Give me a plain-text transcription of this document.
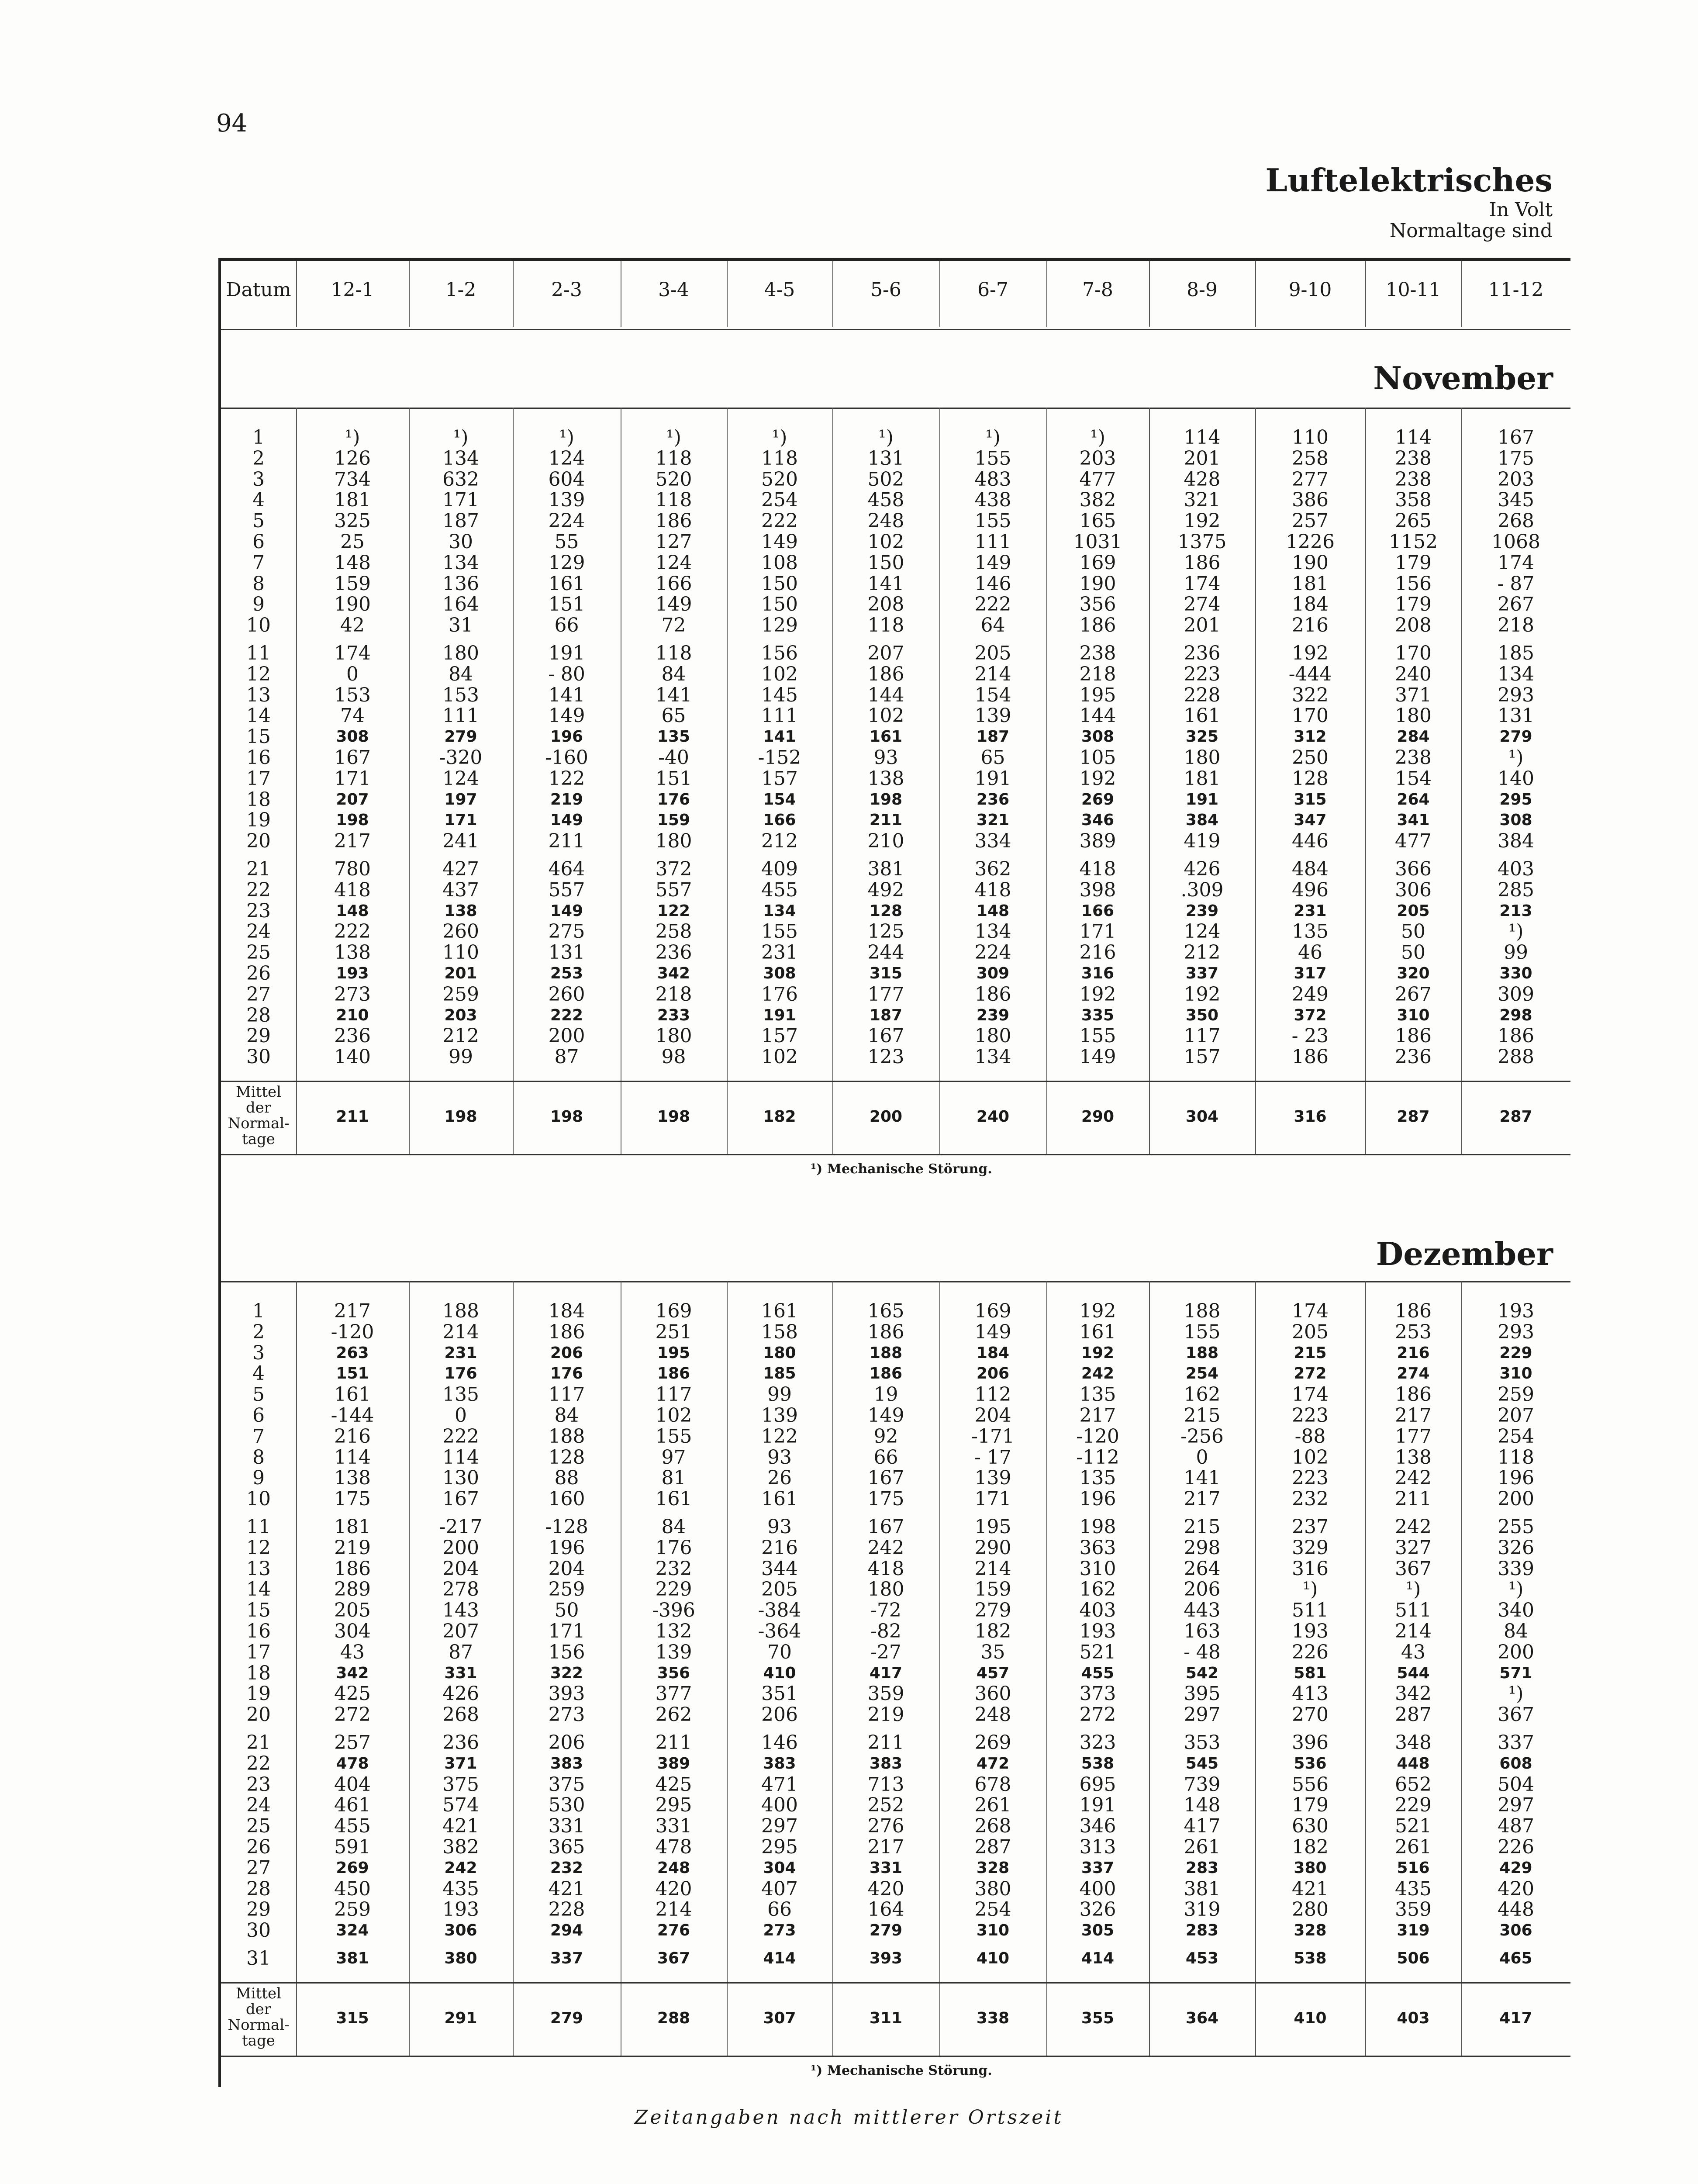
94
Luftelektrisches
In Volt
Normaltage sind
Datum	12-1	1-2	2-3	3-4	4-5	5-6	6-7	7-8	8-9	9-10	10-11	11-12
November
1	¹)	¹)	¹)	¹)	¹)	¹)	¹)	¹)	114	110	114	167
2	126	134	124	118	118	131	155	203	201	258	238	175
3	734	632	604	520	520	502	483	477	428	277	238	203
4	181	171	139	118	254	458	438	382	321	386	358	345
5	325	187	224	186	222	248	155	165	192	257	265	268
6	25	30	55	127	149	102	111	1031	1375	1226	1152	1068
7	148	134	129	124	108	150	149	169	186	190	179	174
8	159	136	161	166	150	141	146	190	174	181	156	- 87
9	190	164	151	149	150	208	222	356	274	184	179	267
10	42	31	66	72	129	118	64	186	201	216	208	218
11	174	180	191	118	156	207	205	238	236	192	170	185
12	0	84	- 80	84	102	186	214	218	223	-444	240	134
13	153	153	141	141	145	144	154	195	228	322	371	293
14	74	111	149	65	111	102	139	144	161	170	180	131
15	308	279	196	135	141	161	187	308	325	312	284	279
16	167	-320	-160	-40	-152	93	65	105	180	250	238	¹)
17	171	124	122	151	157	138	191	192	181	128	154	140
18	207	197	219	176	154	198	236	269	191	315	264	295
19	198	171	149	159	166	211	321	346	384	347	341	308
20	217	241	211	180	212	210	334	389	419	446	477	384
21	780	427	464	372	409	381	362	418	426	484	366	403
22	418	437	557	557	455	492	418	398	.309	496	306	285
23	148	138	149	122	134	128	148	166	239	231	205	213
24	222	260	275	258	155	125	134	171	124	135	50	¹)
25	138	110	131	236	231	244	224	216	212	46	50	99
26	193	201	253	342	308	315	309	316	337	317	320	330
27	273	259	260	218	176	177	186	192	192	249	267	309
28	210	203	222	233	191	187	239	335	350	372	310	298
29	236	212	200	180	157	167	180	155	117	- 23	186	186
30	140	99	87	98	102	123	134	149	157	186	236	288
Mittel
der
Normal-
tage
211	198	198	198	182	200	240	290	304	316	287	287
¹) Mechanische Störung.
Dezember
1	217	188	184	169	161	165	169	192	188	174	186	193
2	-120	214	186	251	158	186	149	161	155	205	253	293
3	263	231	206	195	180	188	184	192	188	215	216	229
4	151	176	176	186	185	186	206	242	254	272	274	310
5	161	135	117	117	99	19	112	135	162	174	186	259
6	-144	0	84	102	139	149	204	217	215	223	217	207
7	216	222	188	155	122	92	-171	-120	-256	-88	177	254
8	114	114	128	97	93	66	- 17	-112	0	102	138	118
9	138	130	88	81	26	167	139	135	141	223	242	196
10	175	167	160	161	161	175	171	196	217	232	211	200
11	181	-217	-128	84	93	167	195	198	215	237	242	255
12	219	200	196	176	216	242	290	363	298	329	327	326
13	186	204	204	232	344	418	214	310	264	316	367	339
14	289	278	259	229	205	180	159	162	206	¹)	¹)	¹)
15	205	143	50	-396	-384	-72	279	403	443	511	511	340
16	304	207	171	132	-364	-82	182	193	163	193	214	84
17	43	87	156	139	70	-27	35	521	- 48	226	43	200
18	342	331	322	356	410	417	457	455	542	581	544	571
19	425	426	393	377	351	359	360	373	395	413	342	¹)
20	272	268	273	262	206	219	248	272	297	270	287	367
21	257	236	206	211	146	211	269	323	353	396	348	337
22	478	371	383	389	383	383	472	538	545	536	448	608
23	404	375	375	425	471	713	678	695	739	556	652	504
24	461	574	530	295	400	252	261	191	148	179	229	297
25	455	421	331	331	297	276	268	346	417	630	521	487
26	591	382	365	478	295	217	287	313	261	182	261	226
27	269	242	232	248	304	331	328	337	283	380	516	429
28	450	435	421	420	407	420	380	400	381	421	435	420
29	259	193	228	214	66	164	254	326	319	280	359	448
30	324	306	294	276	273	279	310	305	283	328	319	306
31	381	380	337	367	414	393	410	414	453	538	506	465
Mittel
der
Normal-
tage
315	291	279	288	307	311	338	355	364	410	403	417
¹) Mechanische Störung.
Zeitangaben nach mittlerer Ortszeit
